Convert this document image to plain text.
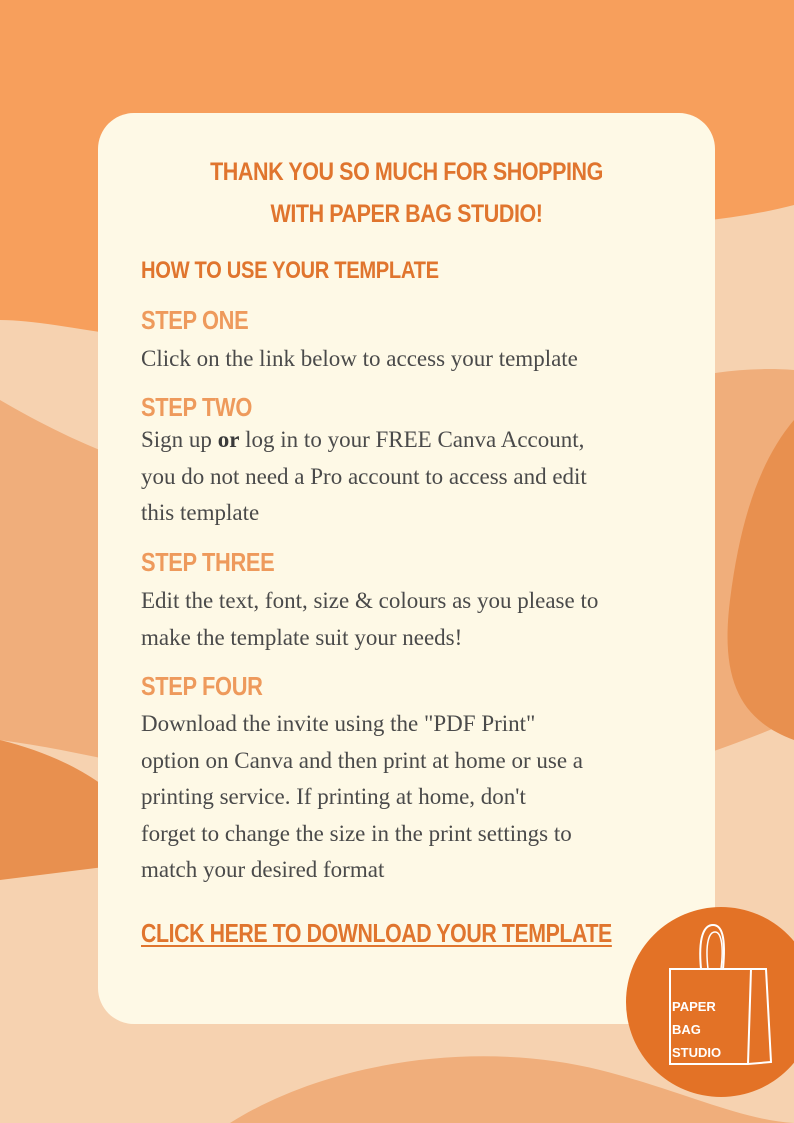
THANK YOU SO MUCH FOR SHOPPING
WITH PAPER BAG STUDIO!
HOW TO USE YOUR TEMPLATE
STEP ONE

Click on the link below to access your template

STEP TWO

Sign up or log in to your FREE Canva Account,

you do not need a Pro account to access and edit

this template

STEP THREE

Edit the text, font, size & colours as you please to

make the template suit your needs!

STEP FOUR

Download the invite using the "PDF Print"

option on Canva and then print at home or use a

printing service. If printing at home, don't

forget to change the size in the print settings to

match your desired format

CLICK HERE TO DOWNLOAD YOUR TEMPLATE
PAPER
BAG
STUDIO
